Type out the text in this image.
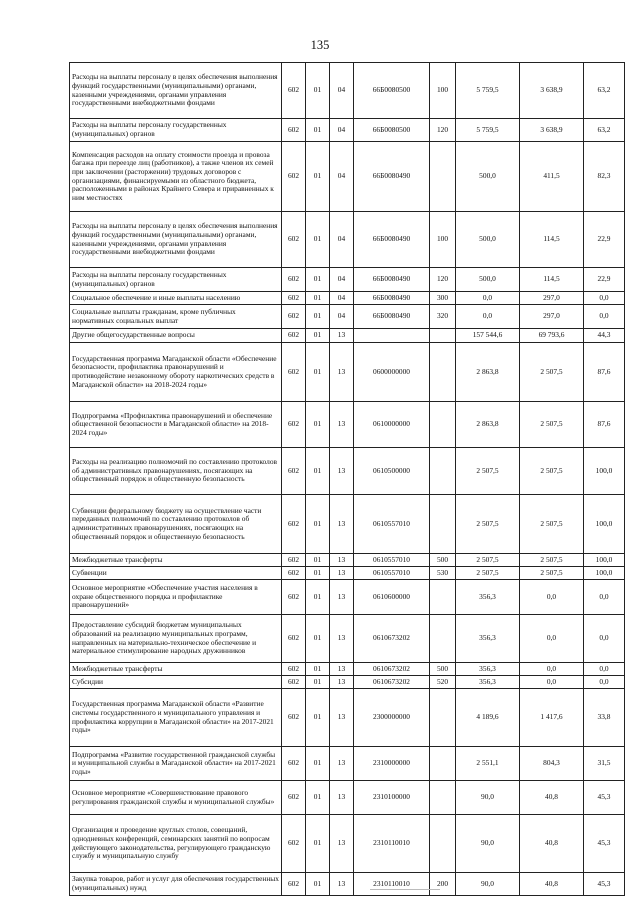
135
Расходы на выплаты персоналу в целях обеспечения выполнения функций государственными (муниципальными) органами, казенными учреждениями, органами управления государственными внебюджетными фондами	602	01	04	66Б0080500	100	5 759,5	3 638,9	63,2
Расходы на выплаты персоналу государственных (муниципальных) органов	602	01	04	66Б0080500	120	5 759,5	3 638,9	63,2
Компенсация расходов на оплату стоимости проезда и провоза багажа при переезде лиц (работников), а также членов их семей при заключении (расторжении) трудовых договоров с организациями, финансируемыми из областного бюджета, расположенными в районах Крайнего Севера и приравненных к ним местностях	602	01	04	66Б0080490		500,0	411,5	82,3
Расходы на выплаты персоналу в целях обеспечения выполнения функций государственными (муниципальными) органами, казенными учреждениями, органами управления государственными внебюджетными фондами	602	01	04	66Б0080490	100	500,0	114,5	22,9
Расходы на выплаты персоналу государственных (муниципальных) органов	602	01	04	66Б0080490	120	500,0	114,5	22,9
Социальное обеспечение и иные выплаты населению	602	01	04	66Б0080490	300	0,0	297,0	0,0
Социальные выплаты гражданам, кроме публичных нормативных социальных выплат	602	01	04	66Б0080490	320	0,0	297,0	0,0
Другие общегосударственные вопросы	602	01	13			157 544,6	69 793,6	44,3
Государственная программа Магаданской области «Обеспечение безопасности, профилактика правонарушений и противодействие незаконному обороту наркотических средств в Магаданской области» на 2018-2024 годы»	602	01	13	0600000000		2 863,8	2 507,5	87,6
Подпрограмма «Профилактика правонарушений и обеспечение общественной безопасности в Магаданской области» на 2018-2024 годы»	602	01	13	0610000000		2 863,8	2 507,5	87,6
Расходы на реализацию полномочий по составлению протоколов об административных правонарушениях, посягающих на общественный порядок и общественную безопасность	602	01	13	0610500000		2 507,5	2 507,5	100,0
Субвенции федеральному бюджету на осуществление части переданных полномочий по составлению протоколов об административных правонарушениях, посягающих на общественный порядок и общественную безопасность	602	01	13	0610557010		2 507,5	2 507,5	100,0
Межбюджетные трансферты	602	01	13	0610557010	500	2 507,5	2 507,5	100,0
Субвенции	602	01	13	0610557010	530	2 507,5	2 507,5	100,0
Основное мероприятие «Обеспечение участия населения в охране общественного порядка и профилактике правонарушений»	602	01	13	0610600000		356,3	0,0	0,0
Предоставление субсидий бюджетам муниципальных образований на реализацию муниципальных программ, направленных на материально-техническое обеспечение и материальное стимулирование народных дружинников	602	01	13	0610673202		356,3	0,0	0,0
Межбюджетные трансферты	602	01	13	0610673202	500	356,3	0,0	0,0
Субсидии	602	01	13	0610673202	520	356,3	0,0	0,0
Государственная программа Магаданской области «Развитие системы государственного и муниципального управления и профилактика коррупции в Магаданской области» на 2017-2021 годы»	602	01	13	2300000000		4 189,6	1 417,6	33,8
Подпрограмма «Развитие государственной гражданской службы и муниципальной службы в Магаданской области» на 2017-2021 годы»	602	01	13	2310000000		2 551,1	804,3	31,5
Основное мероприятие «Совершенствование правового регулирования гражданской службы и муниципальной службы»	602	01	13	2310100000		90,0	40,8	45,3
Организация и проведение круглых столов, совещаний, однодневных конференций, семинарских занятий по вопросам действующего законодательства, регулирующего гражданскую службу и муниципальную службу	602	01	13	2310110010		90,0	40,8	45,3
Закупка товаров, работ и услуг для обеспечения государственных (муниципальных) нужд	602	01	13	2310110010	200	90,0	40,8	45,3
